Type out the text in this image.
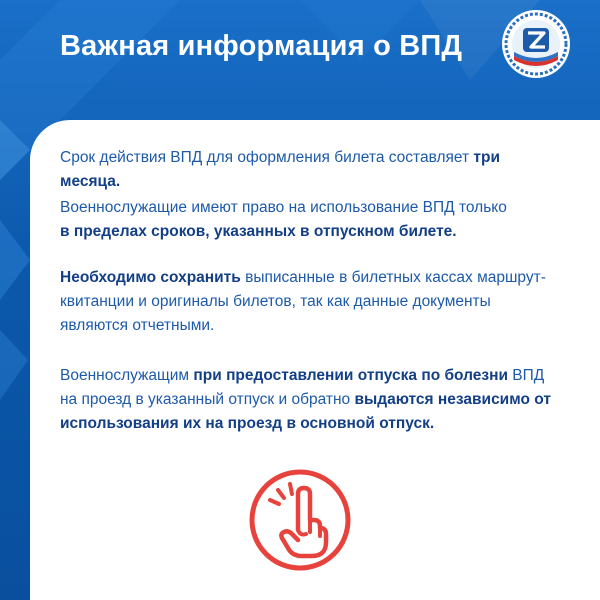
Важная информация о ВПД
Срок действия ВПД для оформления билета составляет три месяца.
Военнослужащие имеют право на использование ВПД только
в пределах сроков, указанных в отпускном билете.
Необходимо сохранить выписанные в билетных кассах маршрут-квитанции и оригиналы билетов, так как данные документы являются отчетными.
Военнослужащим при предоставлении отпуска по болезни ВПД на проезд в указанный отпуск и обратно выдаются независимо от использования их на проезд в основной отпуск.
